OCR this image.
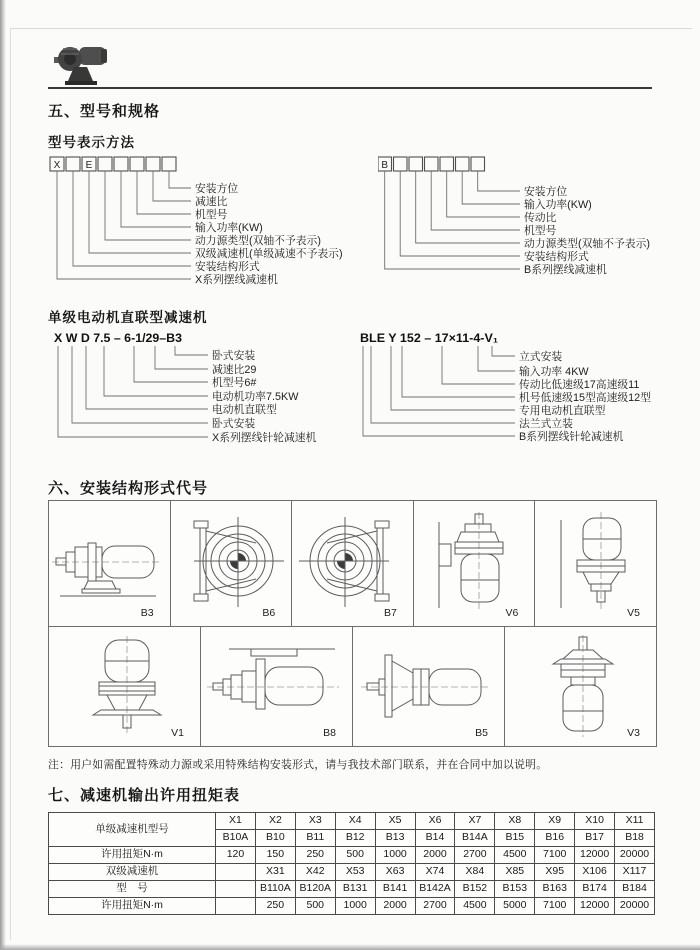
五、型号和规格
型号表示方法
X	E
安装方位
减速比
机型号
输入功率(KW)
动力源类型(双轴不予表示)
双级减速机(单级减速不予表示)
安装结构形式
X系列摆线减速机
B
安装方位
输入功率(KW)
传动比
机型号
动力源类型(双轴不予表示)
安装结构形式
B系列摆线减速机
单级电动机直联型减速机
X W D 7.5 – 6-1/29–B3
卧式安装
减速比29
机型号6#
电动机功率7.5KW
电动机直联型
卧式安装
X系列摆线针轮减速机
BLE Y 152 – 17×11-4-V₁
立式安装
输入功率 4KW
传动比低速级17高速级11
机号低速级15型高速级12型
专用电动机直联型
法兰式立装
B系列摆线针轮减速机
六、安装结构形式代号
B3	B6	B7	V6	V5
V1	B8	B5	V3
注：用户如需配置特殊动力源或采用特殊结构安装形式，请与我技术部门联系，并在合同中加以说明。
七、减速机输出许用扭矩表
单级减速机型号	X1	X2	X3	X4	X5	X6	X7	X8	X9	X10	X11
	B10A	B10	B11	B12	B13	B14	B14A	B15	B16	B17	B18
许用扭矩N·m	120	150	250	500	1000	2000	2700	4500	7100	12000	20000
双级减速机		X31	X42	X53	X63	X74	X84	X85	X95	X106	X117
型　号		B110A	B120A	B131	B141	B142A	B152	B153	B163	B174	B184
许用扭矩N·m		250	500	1000	2000	2700	4500	5000	7100	12000	20000
